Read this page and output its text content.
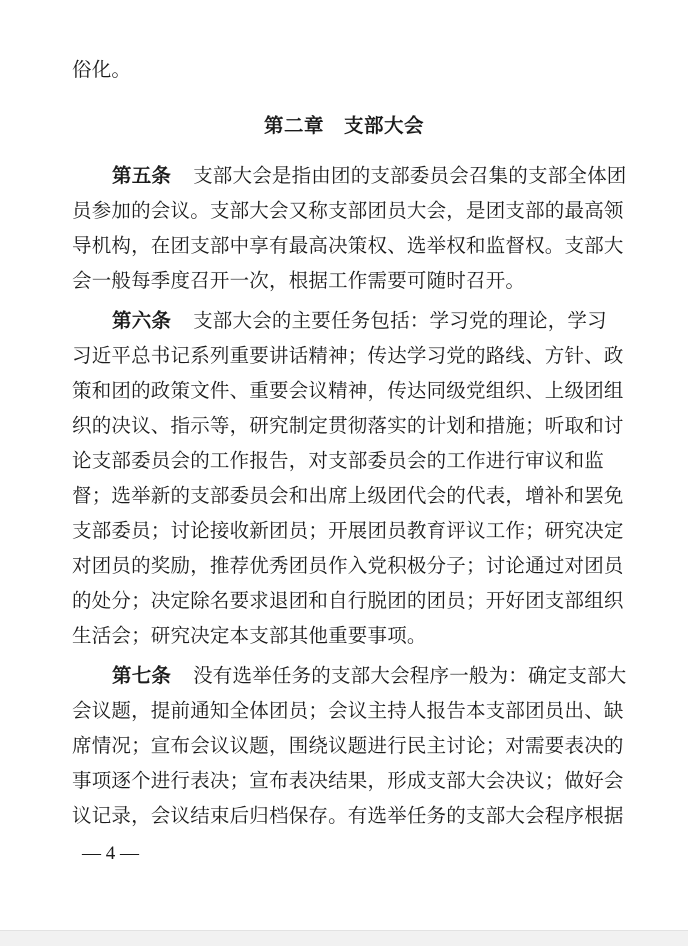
俗化。
第二章 支部大会
第五条 支部大会是指由团的支部委员会召集的支部全体团
员参加的会议。支部大会又称支部团员大会，是团支部的最高领
导机构，在团支部中享有最高决策权、选举权和监督权。支部大
会一般每季度召开一次，根据工作需要可随时召开。
第六条 支部大会的主要任务包括：学习党的理论，学习
习近平总书记系列重要讲话精神；传达学习党的路线、方针、政
策和团的政策文件、重要会议精神，传达同级党组织、上级团组
织的决议、指示等，研究制定贯彻落实的计划和措施；听取和讨
论支部委员会的工作报告，对支部委员会的工作进行审议和监
督；选举新的支部委员会和出席上级团代会的代表，增补和罢免
支部委员；讨论接收新团员；开展团员教育评议工作；研究决定
对团员的奖励，推荐优秀团员作入党积极分子；讨论通过对团员
的处分；决定除名要求退团和自行脱团的团员；开好团支部组织
生活会；研究决定本支部其他重要事项。
第七条 没有选举任务的支部大会程序一般为：确定支部大
会议题，提前通知全体团员；会议主持人报告本支部团员出、缺
席情况；宣布会议议题，围绕议题进行民主讨论；对需要表决的
事项逐个进行表决；宣布表决结果，形成支部大会决议；做好会
议记录，会议结束后归档保存。有选举任务的支部大会程序根据
— 4 —
